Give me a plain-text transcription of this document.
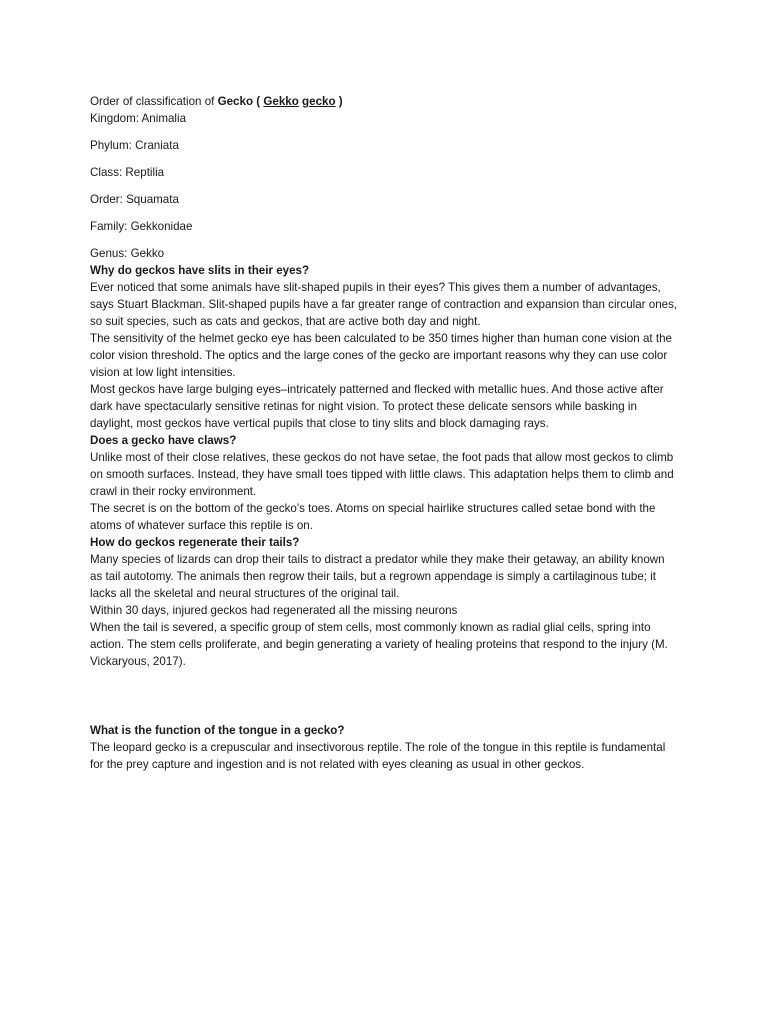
Order of classification of Gecko ( Gekko gecko )

Kingdom: Animalia

Phylum: Craniata

Class: Reptilia

Order: Squamata

Family: Gekkonidae

Genus: Gekko

Why do geckos have slits in their eyes?

Ever noticed that some animals have slit-shaped pupils in their eyes? This gives them a number of advantages, says Stuart Blackman. Slit-shaped pupils have a far greater range of contraction and expansion than circular ones, so suit species, such as cats and geckos, that are active both day and night.

The sensitivity of the helmet gecko eye has been calculated to be 350 times higher than human cone vision at the color vision threshold. The optics and the large cones of the gecko are important reasons why they can use color vision at low light intensities.

Most geckos have large bulging eyes–intricately patterned and flecked with metallic hues. And those active after dark have spectacularly sensitive retinas for night vision. To protect these delicate sensors while basking in daylight, most geckos have vertical pupils that close to tiny slits and block damaging rays.

Does a gecko have claws?

Unlike most of their close relatives, these geckos do not have setae, the foot pads that allow most geckos to climb on smooth surfaces. Instead, they have small toes tipped with little claws. This adaptation helps them to climb and crawl in their rocky environment.

The secret is on the bottom of the gecko's toes. Atoms on special hairlike structures called setae bond with the atoms of whatever surface this reptile is on.

How do geckos regenerate their tails?

Many species of lizards can drop their tails to distract a predator while they make their getaway, an ability known as tail autotomy. The animals then regrow their tails, but a regrown appendage is simply a cartilaginous tube; it lacks all the skeletal and neural structures of the original tail.

Within 30 days, injured geckos had regenerated all the missing neurons

When the tail is severed, a specific group of stem cells, most commonly known as radial glial cells, spring into action. The stem cells proliferate, and begin generating a variety of healing proteins that respond to the injury (M. Vickaryous, 2017).

What is the function of the tongue in a gecko?

The leopard gecko is a crepuscular and insectivorous reptile. The role of the tongue in this reptile is fundamental for the prey capture and ingestion and is not related with eyes cleaning as usual in other geckos.
